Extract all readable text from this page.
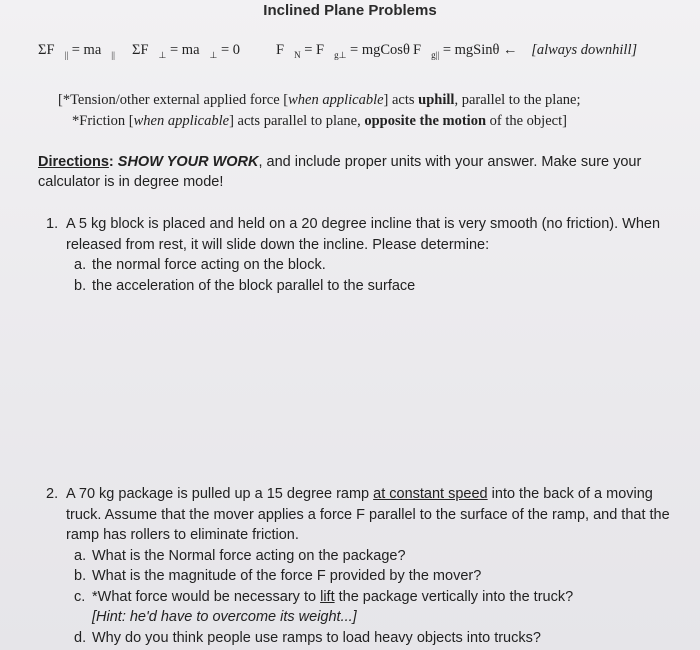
Inclined Plane Problems
ΣF $_{||}$ = ma $_{||}$ ΣF $_\perp$ = ma $_\perp$ = 0	F $_N$ = F $_{g\perp}$ = mgCosθ F $_{g||}$ = mgSinθ ← [always downhill]
[*Tension/other external applied force [when applicable] acts uphill, parallel to the plane;
*Friction [when applicable] acts parallel to plane, opposite the motion of the object]
Directions: SHOW YOUR WORK, and include proper units with your answer. Make sure your calculator is in degree mode!
1. A 5 kg block is placed and held on a 20 degree incline that is very smooth (no friction). When released from rest, it will slide down the incline. Please determine:
a. the normal force acting on the block.
b. the acceleration of the block parallel to the surface
2. A 70 kg package is pulled up a 15 degree ramp at constant speed into the back of a moving truck. Assume that the mover applies a force F parallel to the surface of the ramp, and that the ramp has rollers to eliminate friction.
a. What is the Normal force acting on the package?
b. What is the magnitude of the force F provided by the mover?
c. *What force would be necessary to lift the package vertically into the truck?
[Hint: he'd have to overcome its weight...]
d. Why do you think people use ramps to load heavy objects into trucks?
